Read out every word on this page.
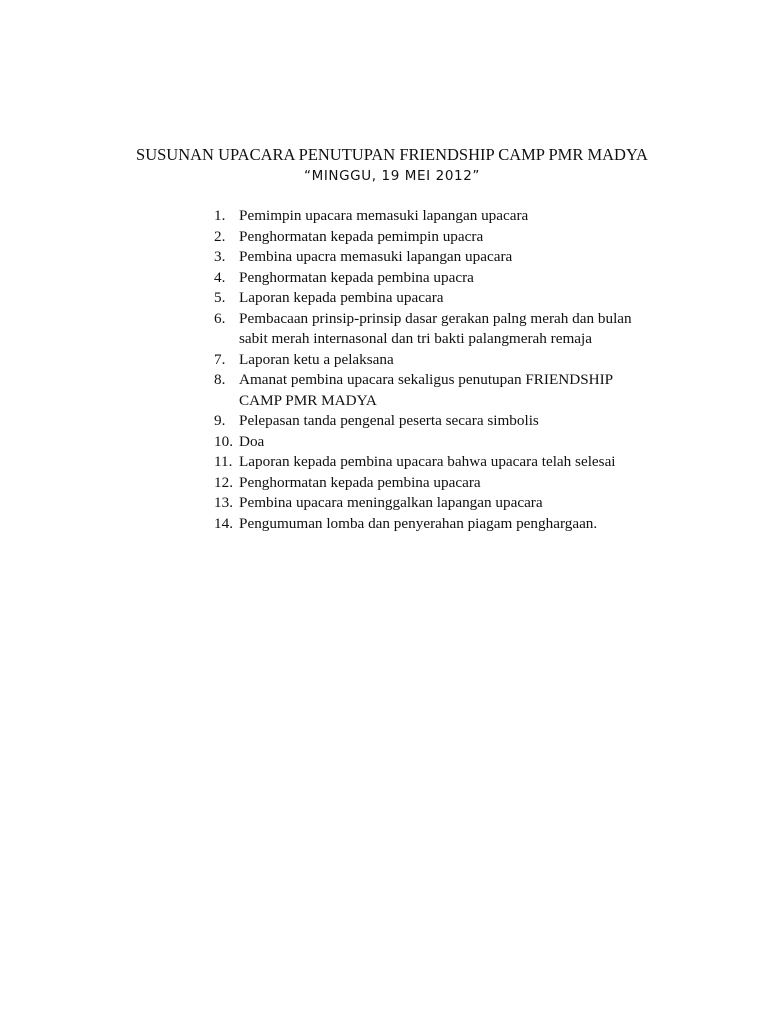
SUSUNAN UPACARA PENUTUPAN FRIENDSHIP CAMP PMR MADYA
“MINGGU, 19 MEI 2012”
1. Pemimpin upacara memasuki lapangan upacara
2. Penghormatan kepada pemimpin upacra
3. Pembina upacra memasuki lapangan upacara
4. Penghormatan kepada pembina upacra
5. Laporan kepada pembina upacara
6. Pembacaan prinsip-prinsip dasar gerakan palng merah dan bulan
sabit merah internasonal dan tri bakti palangmerah remaja
7. Laporan ketu a pelaksana
8. Amanat pembina upacara sekaligus penutupan FRIENDSHIP
CAMP PMR MADYA
9. Pelepasan tanda pengenal peserta secara simbolis
10. Doa
11. Laporan kepada pembina upacara bahwa upacara telah selesai
12. Penghormatan kepada pembina upacara
13. Pembina upacara meninggalkan lapangan upacara
14. Pengumuman lomba dan penyerahan piagam penghargaan.
